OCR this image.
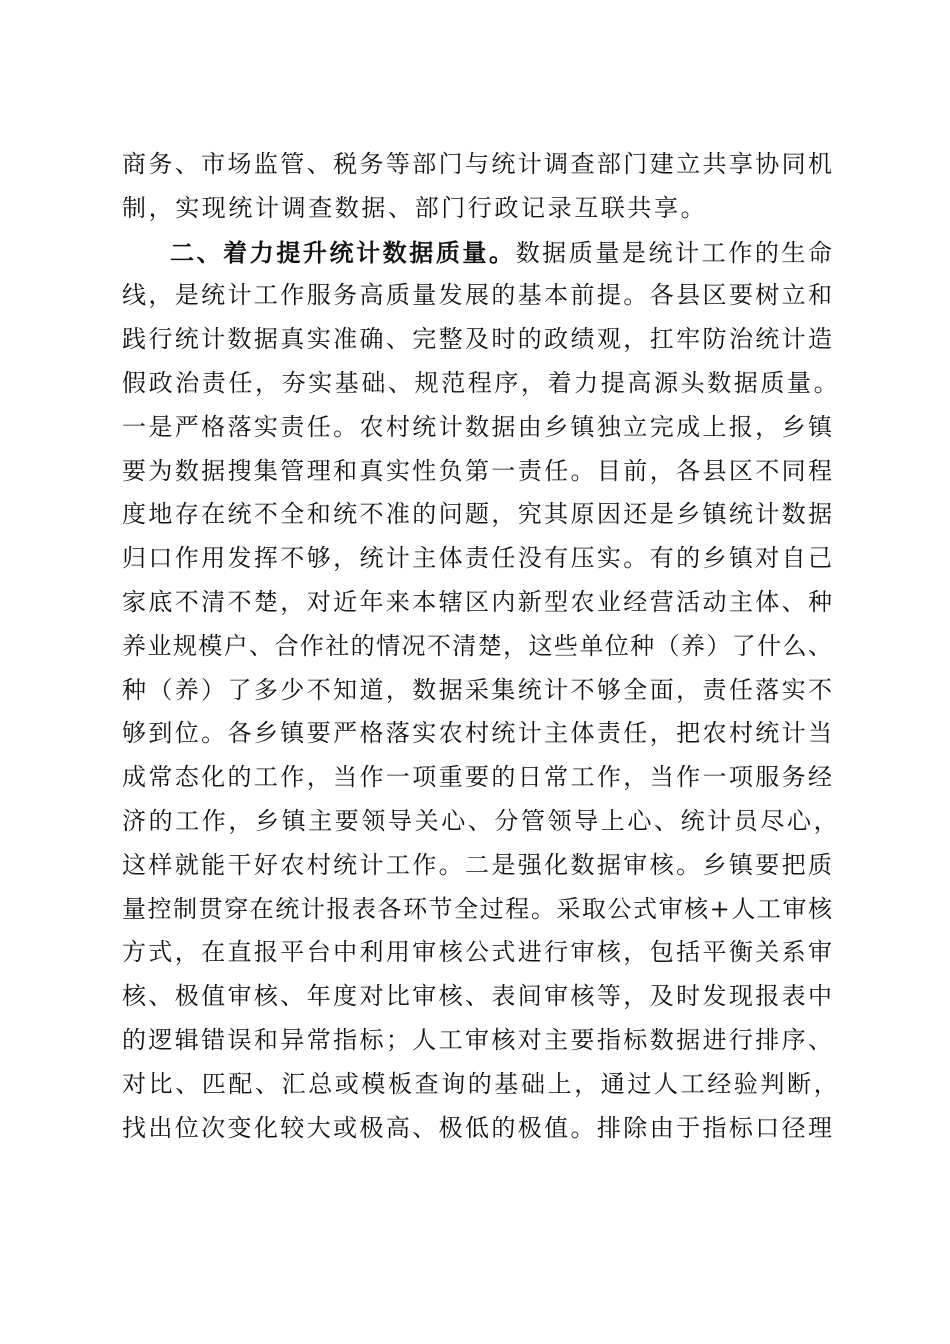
商务、市场监管、税务等部门与统计调查部门建立共享协同机
制，实现统计调查数据、部门行政记录互联共享。
二、着力提升统计数据质量。数据质量是统计工作的生命
线，是统计工作服务高质量发展的基本前提。各县区要树立和
践行统计数据真实准确、完整及时的政绩观，扛牢防治统计造
假政治责任，夯实基础、规范程序，着力提高源头数据质量。
一是严格落实责任。农村统计数据由乡镇独立完成上报，乡镇
要为数据搜集管理和真实性负第一责任。目前，各县区不同程
度地存在统不全和统不准的问题，究其原因还是乡镇统计数据
归口作用发挥不够，统计主体责任没有压实。有的乡镇对自己
家底不清不楚，对近年来本辖区内新型农业经营活动主体、种
养业规模户、合作社的情况不清楚，这些单位种（养）了什么、
种（养）了多少不知道，数据采集统计不够全面，责任落实不
够到位。各乡镇要严格落实农村统计主体责任，把农村统计当
成常态化的工作，当作一项重要的日常工作，当作一项服务经
济的工作，乡镇主要领导关心、分管领导上心、统计员尽心，
这样就能干好农村统计工作。二是强化数据审核。乡镇要把质
量控制贯穿在统计报表各环节全过程。采取公式审核+人工审核
方式，在直报平台中利用审核公式进行审核，包括平衡关系审
核、极值审核、年度对比审核、表间审核等，及时发现报表中
的逻辑错误和异常指标；人工审核对主要指标数据进行排序、
对比、匹配、汇总或模板查询的基础上，通过人工经验判断，
找出位次变化较大或极高、极低的极值。排除由于指标口径理
